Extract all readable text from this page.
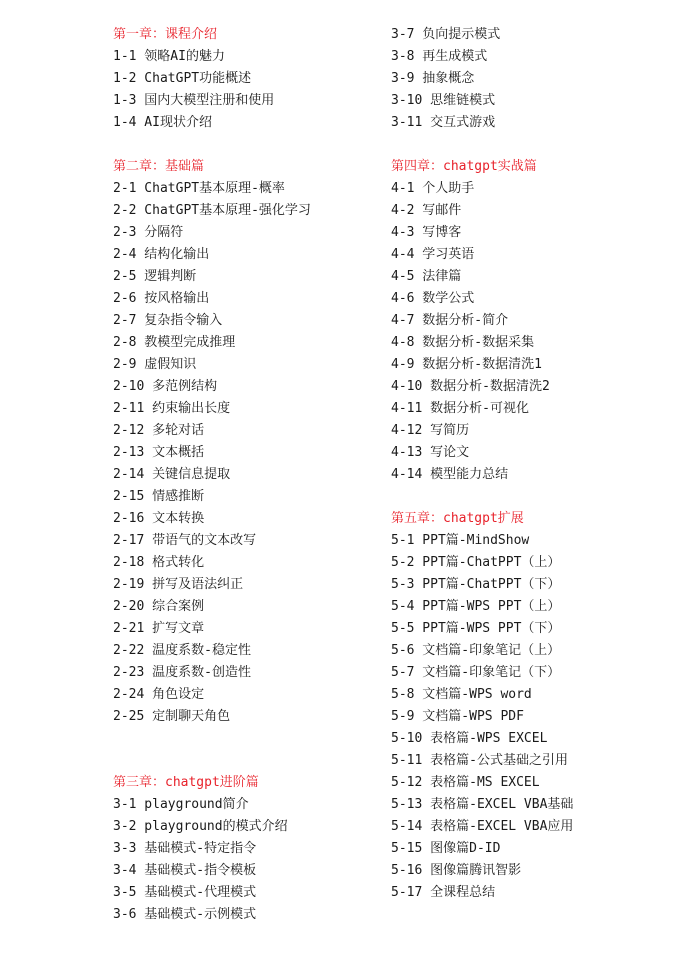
第一章：课程介绍
1-1 领略AI的魅力
1-2 ChatGPT功能概述
1-3 国内大模型注册和使用
1-4 AI现状介绍
第二章：基础篇
2-1 ChatGPT基本原理-概率
2-2 ChatGPT基本原理-强化学习
2-3 分隔符
2-4 结构化输出
2-5 逻辑判断
2-6 按风格输出
2-7 复杂指令输入
2-8 教模型完成推理
2-9 虚假知识
2-10 多范例结构
2-11 约束输出长度
2-12 多轮对话
2-13 文本概括
2-14 关键信息提取
2-15 情感推断
2-16 文本转换
2-17 带语气的文本改写
2-18 格式转化
2-19 拼写及语法纠正
2-20 综合案例
2-21 扩写文章
2-22 温度系数-稳定性
2-23 温度系数-创造性
2-24 角色设定
2-25 定制聊天角色
第三章：chatgpt进阶篇
3-1 playground简介
3-2 playground的模式介绍
3-3 基础模式-特定指令
3-4 基础模式-指令模板
3-5 基础模式-代理模式
3-6 基础模式-示例模式
3-7 负向提示模式
3-8 再生成模式
3-9 抽象概念
3-10 思维链模式
3-11 交互式游戏
第四章：chatgpt实战篇
4-1 个人助手
4-2 写邮件
4-3 写博客
4-4 学习英语
4-5 法律篇
4-6 数学公式
4-7 数据分析-简介
4-8 数据分析-数据采集
4-9 数据分析-数据清洗1
4-10 数据分析-数据清洗2
4-11 数据分析-可视化
4-12 写简历
4-13 写论文
4-14 模型能力总结
第五章：chatgpt扩展
5-1 PPT篇-MindShow
5-2 PPT篇-ChatPPT（上）
5-3 PPT篇-ChatPPT（下）
5-4 PPT篇-WPS PPT（上）
5-5 PPT篇-WPS PPT（下）
5-6 文档篇-印象笔记（上）
5-7 文档篇-印象笔记（下）
5-8 文档篇-WPS word
5-9 文档篇-WPS PDF
5-10 表格篇-WPS EXCEL
5-11 表格篇-公式基础之引用
5-12 表格篇-MS EXCEL
5-13 表格篇-EXCEL VBA基础
5-14 表格篇-EXCEL VBA应用
5-15 图像篇D-ID
5-16 图像篇腾讯智影
5-17 全课程总结
